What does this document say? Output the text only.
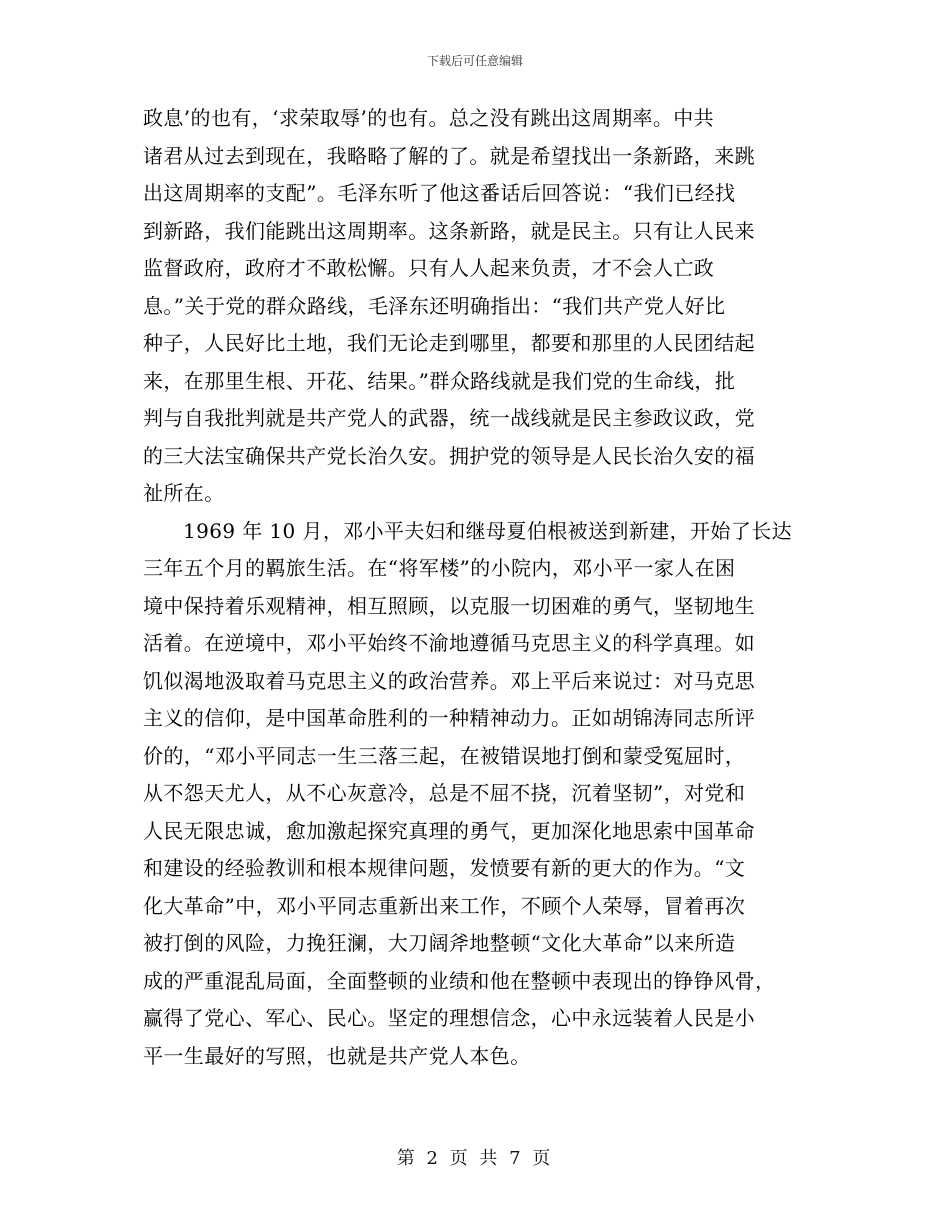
下载后可任意编辑
政息’的也有，‘求荣取辱’的也有。总之没有跳出这周期率。中共
诸君从过去到现在，我略略了解的了。就是希望找出一条新路，来跳
出这周期率的支配”。毛泽东听了他这番话后回答说：“我们已经找
到新路，我们能跳出这周期率。这条新路，就是民主。只有让人民来
监督政府，政府才不敢松懈。只有人人起来负责，才不会人亡政
息。”关于党的群众路线，毛泽东还明确指出：“我们共产党人好比
种子，人民好比土地，我们无论走到哪里，都要和那里的人民团结起
来，在那里生根、开花、结果。”群众路线就是我们党的生命线，批
判与自我批判就是共产党人的武器，统一战线就是民主参政议政，党
的三大法宝确保共产党长治久安。拥护党的领导是人民长治久安的福
祉所在。
1969 年 10 月，邓小平夫妇和继母夏伯根被送到新建，开始了长达
三年五个月的羁旅生活。在“将军楼”的小院内，邓小平一家人在困
境中保持着乐观精神，相互照顾，以克服一切困难的勇气，坚韧地生
活着。在逆境中，邓小平始终不渝地遵循马克思主义的科学真理。如
饥似渴地汲取着马克思主义的政治营养。邓上平后来说过：对马克思
主义的信仰，是中国革命胜利的一种精神动力。正如胡锦涛同志所评
价的，“邓小平同志一生三落三起，在被错误地打倒和蒙受冤屈时，
从不怨天尤人，从不心灰意冷，总是不屈不挠，沉着坚韧”，对党和
人民无限忠诚，愈加激起探究真理的勇气，更加深化地思索中国革命
和建设的经验教训和根本规律问题，发愤要有新的更大的作为。“文
化大革命”中，邓小平同志重新出来工作，不顾个人荣辱，冒着再次
被打倒的风险，力挽狂澜，大刀阔斧地整顿“文化大革命”以来所造
成的严重混乱局面，全面整顿的业绩和他在整顿中表现出的铮铮风骨，
赢得了党心、军心、民心。坚定的理想信念，心中永远装着人民是小
平一生最好的写照，也就是共产党人本色。
第 2 页 共 7 页
